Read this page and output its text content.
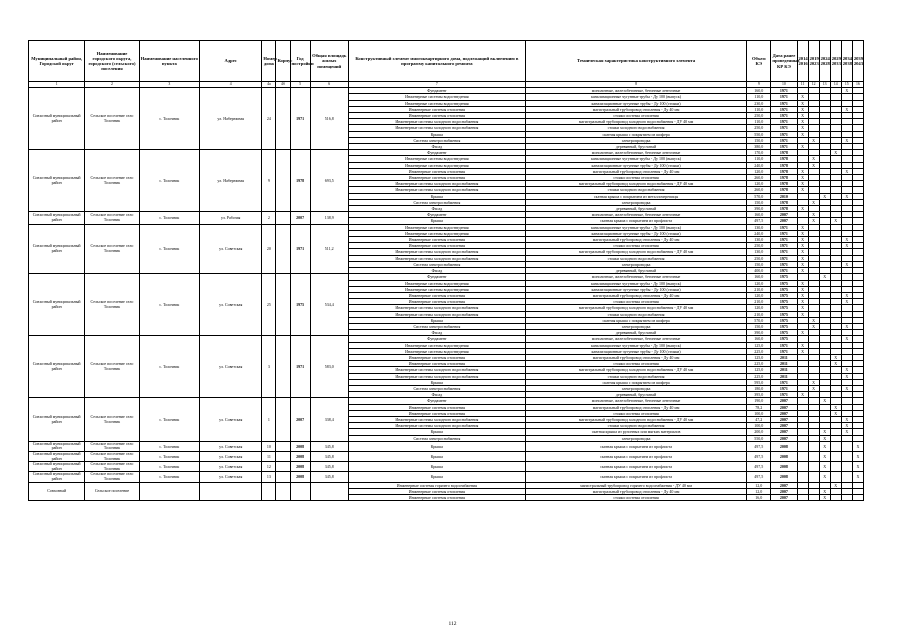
Муниципальный район, Городской округ	Наименование городского округа, городского (сельского) поселения	Наименование населенного пункта	Адрес	Номер дома	Корпус	Год постройки	Общая площадь жилых помещений	Конструктивный элемент многоквартирного дома, подлежащий включению в программу капитального ремонта	Техническая характеристика конструктивного элемента	Объем КЭ	Дата ранее проведенных КР КЭ	2014 2016	2019 2023	2024 2028	2029 2033	2034 2038	2039 2043
1	2	3	4	4а	4б	5	6	7	8	9	10	11	12	13	14	15	16
Cовхозный муниципальный район	Сельское поселение село Толочник	с. Толочник	ул. Набережная	24		1971	516,8	Фундамент	монолитные, железобетонные, бетонные ленточные	160,0	1971					X	
								Инженерные системы водоотведения	канализационные чугунные трубы - Ду 100 (выпуск)	110,0	1971	X					
								Инженерные системы водоотведения	канализационные чугунные трубы - Ду 100 (стояки)	230,0	1971	X					
								Инженерные системы отопления	магистральный трубопровод отопления - Ду 40 мм	110,0	1971	X				X	
								Инженерные системы отопления	стояки системы отопления	250,0	1971	X					
								Инженерные системы холодного водоснабжения	магистральный трубопровод холодного водоснабжения - ДУ 40 мм	110,0	1971	X					
								Инженерные системы холодного водоснабжения	стояки холодного водоснабжения	250,0	1971	X					
								Крыша	скатная крыша с покрытием из шифера	550,0	1971	X					
								Система электроснабжения	электропроводка	150,0	1971		X			X	
								Фасад	деревянный, брусчатый	380,0	1971	X					
Cовхозный муниципальный район	Сельское поселение село Толочник	с. Толочник	ул. Набережная	9		1978	693,5	Фундамент	монолитные, железобетонные, бетонные ленточные	170,0	1978				X		
								Инженерные системы водоотведения	канализационные чугунные трубы - Ду 100 (выпуск)	110,0	1978		X				
								Инженерные системы водоотведения	канализационные чугунные трубы - Ду 100 (стояки)	240,0	1978		X				
								Инженерные системы отопления	магистральный трубопровод отопления - Ду 40 мм	120,0	1978	X				X	
								Инженерные системы отопления	стояки системы отопления	260,0	1978	X					
								Инженерные системы холодного водоснабжения	магистральный трубопровод холодного водоснабжения - ДУ 40 мм	120,0	1978	X					
								Инженерные системы холодного водоснабжения	стояки холодного водоснабжения	260,0	1978	X					
								Крыша	скатная крыша с покрытием из металлочерепицы	570,0	2010			X		X	
								Система электроснабжения	электропроводка	150,0	1978		X				
								Фасад	деревянный, брусчатый	390,0	1978	X					
Cовхозный муниципальный район	Сельское поселение село Толочник	с. Толочник	ул. Рабочая	2		2007	138,9	Фундамент	монолитные, железобетонные, бетонные ленточные	160,0	2007		X				
								Крыша	скатная крыша с покрытием из профлиста	497,5	2007		X		X		
Cовхозный муниципальный район	Сельское поселение село Толочник	с. Толочник	ул. Советская	20		1971	511,2	Инженерные системы водоотведения	канализационные чугунные трубы - Ду 100 (выпуск)	130,0	1971	X					
								Инженерные системы водоотведения	канализационные чугунные трубы - Ду 100 (стояки)	240,0	1971	X					
								Инженерные системы отопления	магистральный трубопровод отопления - Ду 40 мм	130,0	1971	X				X	
								Инженерные системы отопления	стояки системы отопления	250,0	1971	X				X	
								Инженерные системы холодного водоснабжения	магистральный трубопровод холодного водоснабжения - ДУ 40 мм	130,0	1971	X					
								Инженерные системы холодного водоснабжения	стояки холодного водоснабжения	250,0	1971	X					
								Система электроснабжения	электропроводка	150,0	1971	X				X	
								Фасад	деревянный, брусчатый	400,0	1971	X					
Cовхозный муниципальный район	Сельское поселение село Толочник	с. Толочник	ул. Советская	25		1975	534,4	Фундамент	монолитные, железобетонные, бетонные ленточные	160,0	1975			X			
								Инженерные системы водоотведения	канализационные чугунные трубы - Ду 100 (выпуск)	120,0	1975	X					
								Инженерные системы водоотведения	канализационные чугунные трубы - Ду 100 (стояки)	210,0	1975	X					
								Инженерные системы отопления	магистральный трубопровод отопления - Ду 40 мм	120,0	1975	X				X	
								Инженерные системы отопления	стояки системы отопления	210,0	1975	X				X	
								Инженерные системы холодного водоснабжения	магистральный трубопровод холодного водоснабжения - ДУ 40 мм	120,0	1975	X					
								Инженерные системы холодного водоснабжения	стояки холодного водоснабжения	210,0	1975	X					
								Крыша	скатная крыша с покрытием из шифера	570,0	1975		X				
								Система электроснабжения	электропроводка	150,0	1975		X			X	
								Фасад	деревянный, брусчатый	390,0	1975	X					
Cовхозный муниципальный район	Сельское поселение село Толочник	с. Толочник	ул. Советская	3		1971	583,0	Фундамент	монолитные, железобетонные, бетонные ленточные	160,0	1975					X	
								Инженерные системы водоотведения	канализационные чугунные трубы - Ду 100 (выпуск)	125,0	1971	X					
								Инженерные системы водоотведения	канализационные чугунные трубы - Ду 100 (стояки)	225,0	1971	X					
								Инженерные системы отопления	магистральный трубопровод отопления - Ду 40 мм	125,0	2011				X		
								Инженерные системы отопления	стояки системы отопления	225,0	2011				X		
								Инженерные системы холодного водоснабжения	магистральный трубопровод холодного водоснабжения - ДУ 40 мм	125,0	2011					X	
								Инженерные системы холодного водоснабжения	стояки холодного водоснабжения	225,0	2011					X	
								Крыша	скатная крыша с покрытием из шифера	595,0	1971		X				
								Система электроснабжения	электропроводка	180,0	1971		X			X	
								Фасад	деревянный, брусчатый	395,0	1971	X					
Cовхозный муниципальный район	Сельское поселение село Толочник	с. Толочник	ул. Советская	1		2007	338,4	Фундамент	монолитные, железобетонные, бетонные ленточные	190,0	2007			X			
								Инженерные системы отопления	магистральный трубопровод отопления - Ду 40 мм	78,2	2007				X		
								Инженерные системы отопления	стояки системы отопления	100,0	2007				X		
								Инженерные системы холодного водоснабжения	магистральный трубопровод холодного водоснабжения - ДУ 40 мм	47,2	2007					X	
								Инженерные системы холодного водоснабжения	стояки холодного водоснабжения	100,0	2007					X	
								Крыша	скатная крыша из рулонных или мягких материалов	200,0	2007			X		X	
								Система электроснабжения	электропроводка	550,0	2007			X			
Cовхозный муниципальный район	Сельское поселение село Толочник	с. Толочник	ул. Советская	10		2008	345,8	Крыша	скатная крыша с покрытием из профлиста	497,5	2008			X			X
Cовхозный муниципальный район	Сельское поселение село Толочник	с. Толочник	ул. Советская	11		2008	345,8	Крыша	скатная крыша с покрытием из профлиста	497,5	2008			X			X
Cовхозный муниципальный район	Сельское поселение село Толочник	с. Толочник	ул. Советская	12		2008	345,8	Крыша	скатная крыша с покрытием из профлиста	497,5	2008			X			X
Cовхозный муниципальный район	Сельское поселение село Толочник	с. Толочник	ул. Советская	13		2008	345,8	Крыша	скатная крыша с покрытием из профлиста	497,5	2008			X			X
Cовхозный	Сельское поселение							Инженерные системы горячего водоснабжения	магистральный трубопровод горячего водоснабжения - ДУ 40 мм	12,0	2007				X		
								Инженерные системы отопления	магистральный трубопровод отопления - Ду 40 мм	12,0	2007			X			
								Инженерные системы отопления	стояки системы отопления	16,0	2007			X			
112
